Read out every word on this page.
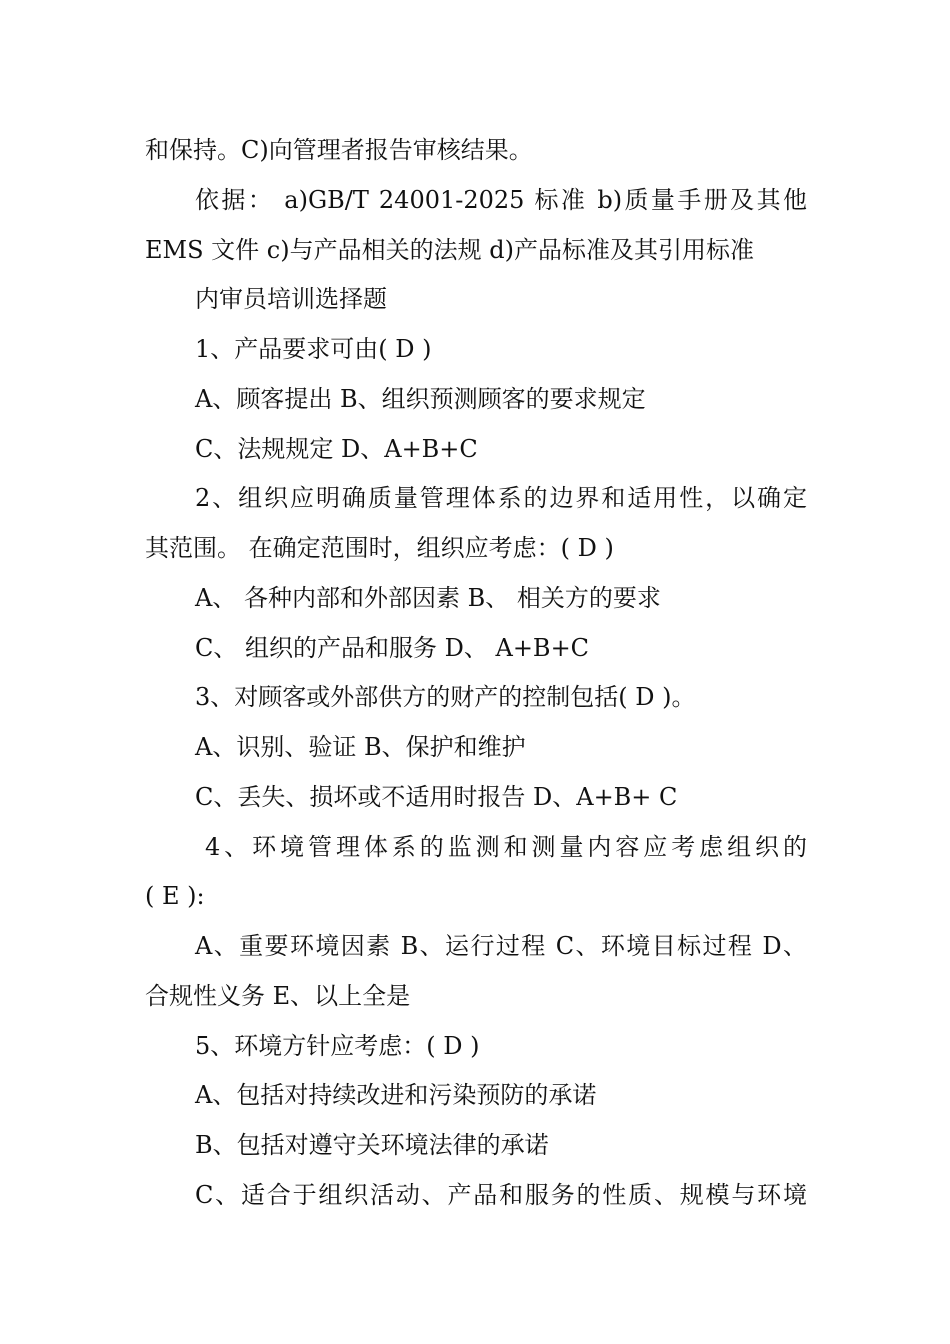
和保持。C)向管理者报告审核结果。
依据： a)GB/T 24001-2025 标准 b)质量手册及其他
EMS 文件 c)与产品相关的法规 d)产品标准及其引用标准
内审员培训选择题
1、产品要求可由( D )
A、顾客提出 B、组织预测顾客的要求规定
C、法规规定 D、A+B+C
2、组织应明确质量管理体系的边界和适用性，以确定
其范围。 在确定范围时，组织应考虑：( D )
A、 各种内部和外部因素 B、 相关方的要求
C、 组织的产品和服务 D、 A+B+C
3、对顾客或外部供方的财产的控制包括( D )。
A、识别、验证 B、保护和维护
C、丢失、损坏或不适用时报告 D、A+B+ C
4、环境管理体系的监测和测量内容应考虑组织的
( E ):
A、重要环境因素 B、运行过程 C、环境目标过程 D、
合规性义务 E、以上全是
5、环境方针应考虑：( D )
A、包括对持续改进和污染预防的承诺
B、包括对遵守关环境法律的承诺
C、适合于组织活动、产品和服务的性质、规模与环境
